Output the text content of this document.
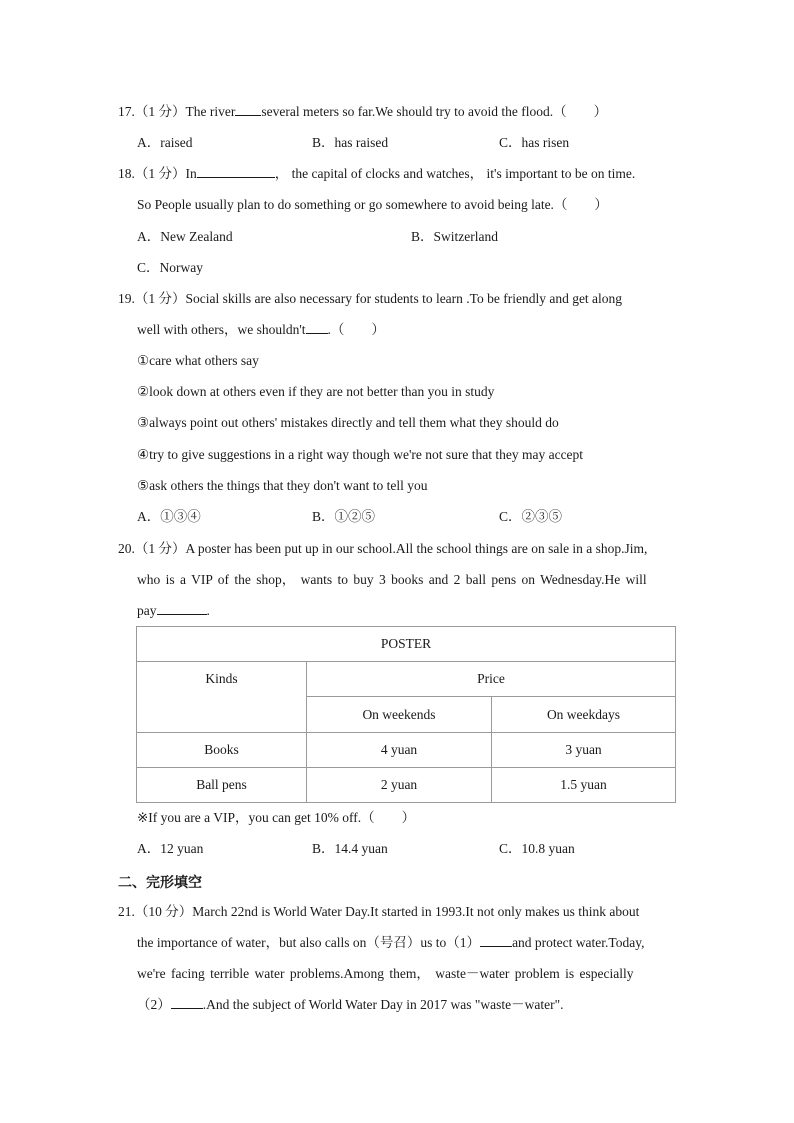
17.（1 分）The river several meters so far.We should try to avoid the flood.（　　）
A．raised	B．has raised	C．has risen
18.（1 分）In	， the capital of clocks and watches， it's important to be on time.
So People usually plan to do something or go somewhere to avoid being late.（　　）
A．New Zealand	B．Switzerland
C．Norway
19.（1 分）Social skills are also necessary for students to learn .To be friendly and get along
well with others，we shouldn't .（　　）
①care what others say
②look down at others even if they are not better than you in study
③always point out others' mistakes directly and tell them what they should do
④try to give suggestions in a right way though we're not sure that they may accept
⑤ask others the things that they don't want to tell you
A．①③④	B．①②⑤	C．②③⑤
20.（1 分）A poster has been put up in our school.All the school things are on sale in a shop.Jim,
who is a VIP of the shop， wants to buy 3 books and 2 ball pens on Wednesday.He will
pay	.
POSTER		
Kinds	Price	
	On weekends	On weekdays
Books	4 yuan	3 yuan
Ball pens	2 yuan	1.5 yuan
※If you are a VIP，you can get 10% off.（　　）
A．12 yuan	B．14.4 yuan	C．10.8 yuan
二、完形填空
21.（10 分）March 22nd is World Water Day.It started in 1993.It not only makes us think about
the importance of water，but also calls on（号召）us to（1） and protect water.Today,
we're facing terrible water problems.Among them， waste－water problem is especially
（2） .And the subject of World Water Day in 2017 was "waste－water".
